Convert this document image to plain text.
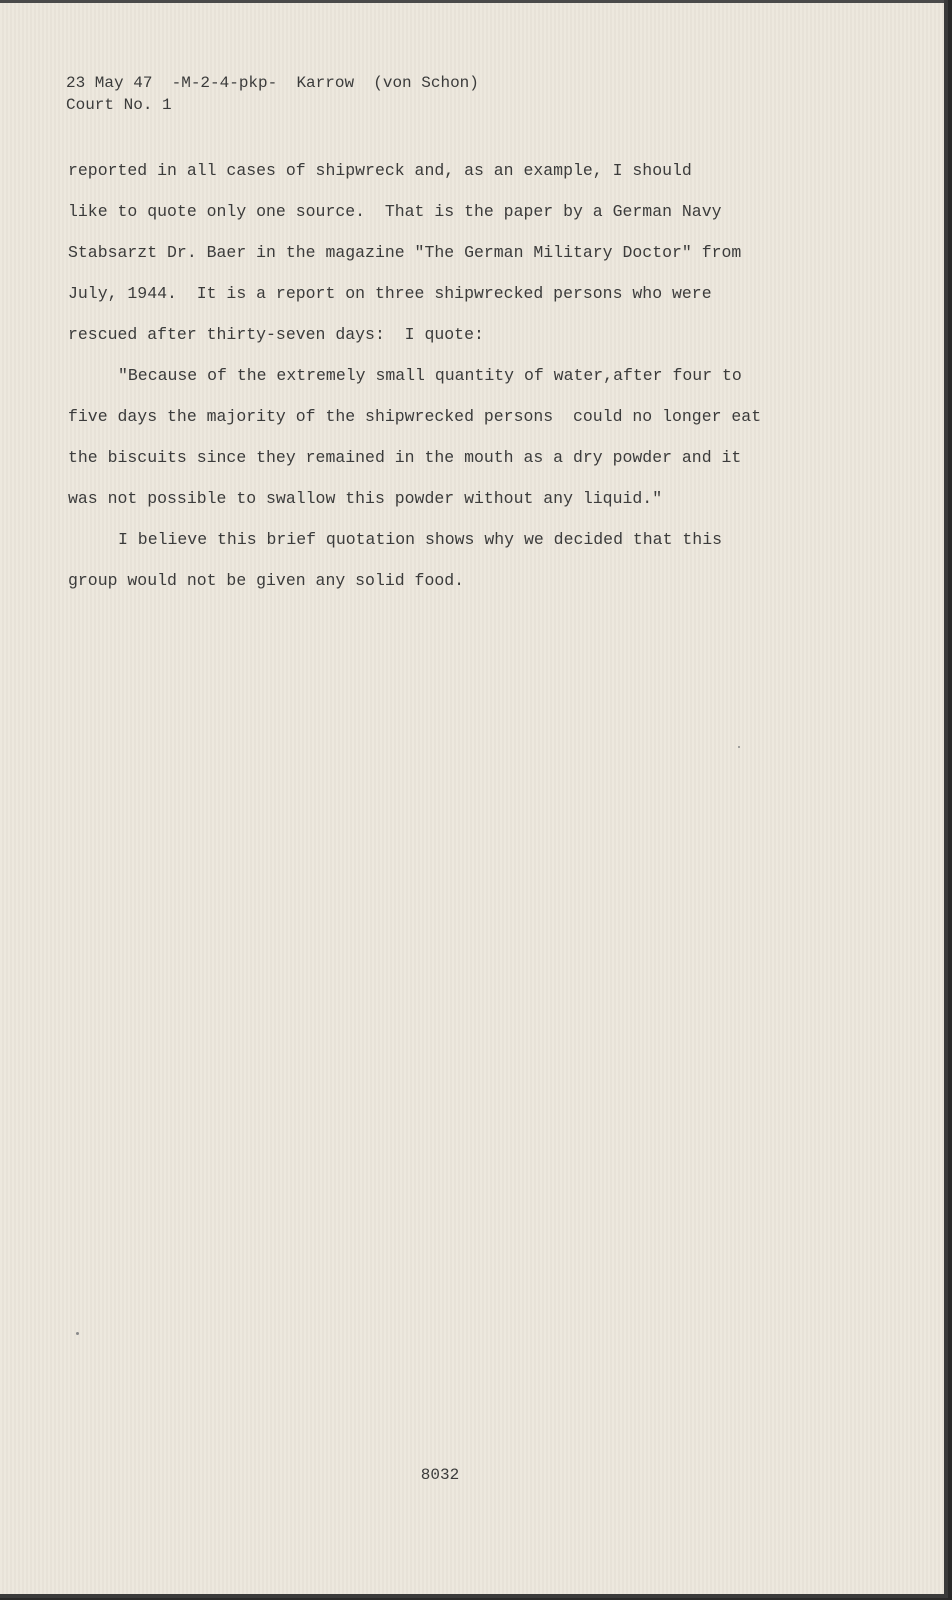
23 May 47  -M-2-4-pkp-  Karrow  (von Schon)
Court No. 1
reported in all cases of shipwreck and, as an example, I should
like to quote only one source.  That is the paper by a German Navy
Stabsarzt Dr. Baer in the magazine "The German Military Doctor" from
July, 1944.  It is a report on three shipwrecked persons who were
rescued after thirty-seven days:  I quote:
"Because of the extremely small quantity of water,after four to
five days the majority of the shipwrecked persons  could no longer eat
the biscuits since they remained in the mouth as a dry powder and it
was not possible to swallow this powder without any liquid."
I believe this brief quotation shows why we decided that this
group would not be given any solid food.
8032
